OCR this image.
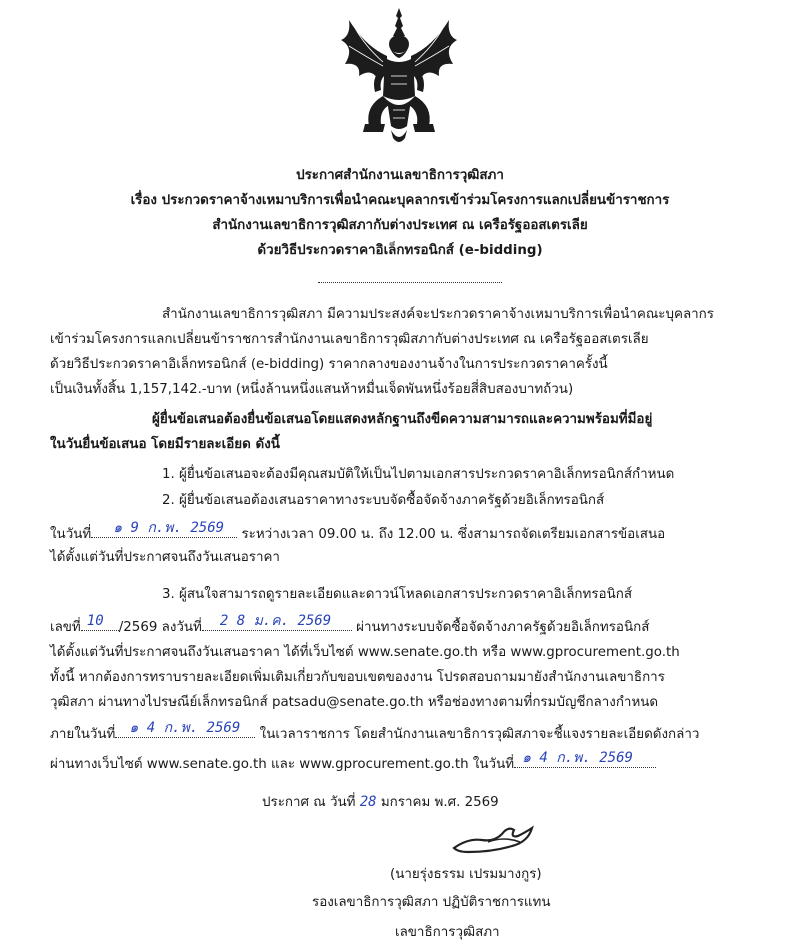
ประกาศสำนักงานเลขาธิการวุฒิสภา
เรื่อง ประกวดราคาจ้างเหมาบริการเพื่อนำคณะบุคลากรเข้าร่วมโครงการแลกเปลี่ยนข้าราชการ
สำนักงานเลขาธิการวุฒิสภากับต่างประเทศ ณ เครือรัฐออสเตรเลีย
ด้วยวิธีประกวดราคาอิเล็กทรอนิกส์ (e-bidding)
สำนักงานเลขาธิการวุฒิสภา มีความประสงค์จะประกวดราคาจ้างเหมาบริการเพื่อนำคณะบุคลากร
เข้าร่วมโครงการแลกเปลี่ยนข้าราชการสำนักงานเลขาธิการวุฒิสภากับต่างประเทศ ณ เครือรัฐออสเตรเลีย
ด้วยวิธีประกวดราคาอิเล็กทรอนิกส์ (e-bidding) ราคากลางของงานจ้างในการประกวดราคาครั้งนี้
เป็นเงินทั้งสิ้น 1,157,142.-บาท (หนึ่งล้านหนึ่งแสนห้าหมื่นเจ็ดพันหนึ่งร้อยสี่สิบสองบาทถ้วน)
ผู้ยื่นข้อเสนอต้องยื่นข้อเสนอโดยแสดงหลักฐานถึงขีดความสามารถและความพร้อมที่มีอยู่
ในวันยื่นข้อเสนอ โดยมีรายละเอียด ดังนี้
1. ผู้ยื่นข้อเสนอจะต้องมีคุณสมบัติให้เป็นไปตามเอกสารประกวดราคาอิเล็กทรอนิกส์กำหนด
2. ผู้ยื่นข้อเสนอต้องเสนอราคาทางระบบจัดซื้อจัดจ้างภาครัฐด้วยอิเล็กทรอนิกส์
ในวันที่ ๑ 9 ก.พ. 2569 ระหว่างเวลา 09.00 น. ถึง 12.00 น. ซึ่งสามารถจัดเตรียมเอกสารข้อเสนอ
ได้ตั้งแต่วันที่ประกาศจนถึงวันเสนอราคา
3. ผู้สนใจสามารถดูรายละเอียดและดาวน์โหลดเอกสารประกวดราคาอิเล็กทรอนิกส์
เลขที่ 10 /2569 ลงวันที่ 2 8 ม.ค. 2569 ผ่านทางระบบจัดซื้อจัดจ้างภาครัฐด้วยอิเล็กทรอนิกส์
ได้ตั้งแต่วันที่ประกาศจนถึงวันเสนอราคา ได้ที่เว็บไซต์ www.senate.go.th หรือ www.gprocurement.go.th
ทั้งนี้ หากต้องการทราบรายละเอียดเพิ่มเติมเกี่ยวกับขอบเขตของงาน โปรดสอบถามมายังสำนักงานเลขาธิการ
วุฒิสภา ผ่านทางไปรษณีย์เล็กทรอนิกส์ patsadu@senate.go.th หรือช่องทางตามที่กรมบัญชีกลางกำหนด
ภายในวันที่ ๑ 4 ก.พ. 2569 ในเวลาราชการ โดยสำนักงานเลขาธิการวุฒิสภาจะชี้แจงรายละเอียดดังกล่าว
ผ่านทางเว็บไซต์ www.senate.go.th และ www.gprocurement.go.th ในวันที่ ๑ 4 ก.พ. 2569
ประกาศ ณ วันที่ 28 มกราคม พ.ศ. 2569
(นายรุ่งธรรม เปรมมางกูร)
รองเลขาธิการวุฒิสภา ปฏิบัติราชการแทน
เลขาธิการวุฒิสภา
